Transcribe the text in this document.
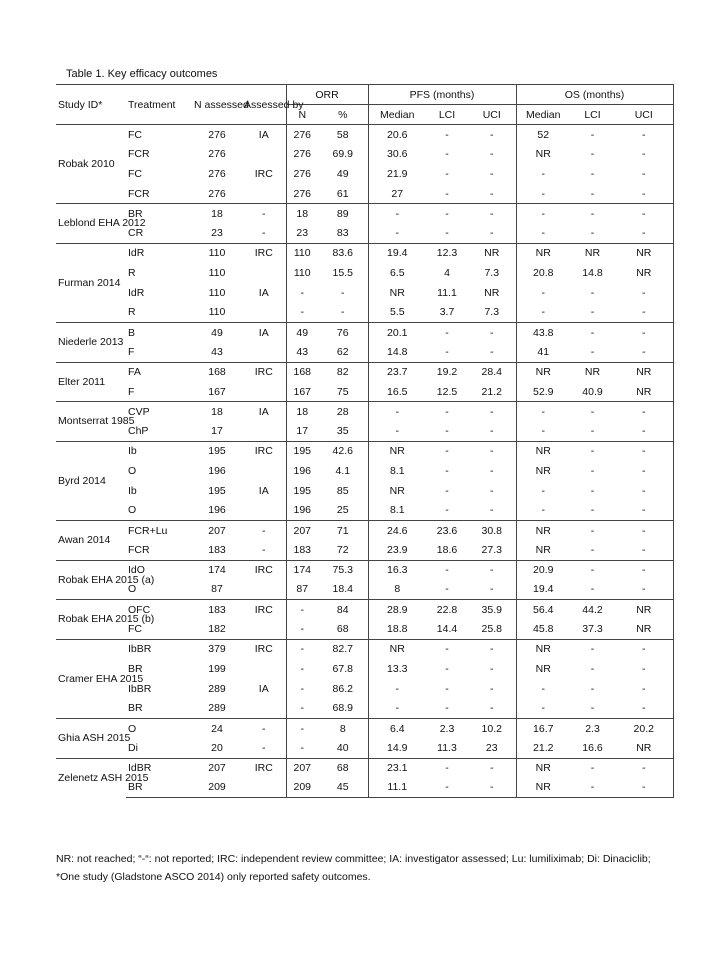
Table 1. Key efficacy outcomes
Study ID*	Treatment	N assessed	Assessed by	ORR		PFS (months)			OS (months)		
				N	%	Median	LCI	UCI	Median	LCI	UCI
Robak 2010	FC	276	IA	276	58	20.6	-	-	52	-	-
	FCR	276		276	69.9	30.6	-	-	NR	-	-
	FC	276	IRC	276	49	21.9	-	-	-	-	-
	FCR	276		276	61	27	-	-	-	-	-
Leblond EHA 2012	BR	18	-	18	89	-	-	-	-	-	-
	CR	23	-	23	83	-	-	-	-	-	-
Furman 2014	IdR	110	IRC	110	83.6	19.4	12.3	NR	NR	NR	NR
	R	110		110	15.5	6.5	4	7.3	20.8	14.8	NR
	IdR	110	IA	-	-	NR	11.1	NR	-	-	-
	R	110		-	-	5.5	3.7	7.3	-	-	-
Niederle 2013	B	49	IA	49	76	20.1	-	-	43.8	-	-
	F	43		43	62	14.8	-	-	41	-	-
Elter 2011	FA	168	IRC	168	82	23.7	19.2	28.4	NR	NR	NR
	F	167		167	75	16.5	12.5	21.2	52.9	40.9	NR
Montserrat 1985	CVP	18	IA	18	28	-	-	-	-	-	-
	ChP	17		17	35	-	-	-	-	-	-
Byrd 2014	Ib	195	IRC	195	42.6	NR	-	-	NR	-	-
	O	196		196	4.1	8.1	-	-	NR	-	-
	Ib	195	IA	195	85	NR	-	-	-	-	-
	O	196		196	25	8.1	-	-	-	-	-
Awan 2014	FCR+Lu	207	-	207	71	24.6	23.6	30.8	NR	-	-
	FCR	183	-	183	72	23.9	18.6	27.3	NR	-	-
Robak EHA 2015 (a)	IdO	174	IRC	174	75.3	16.3	-	-	20.9	-	-
	O	87		87	18.4	8	-	-	19.4	-	-
Robak EHA 2015 (b)	OFC	183	IRC	-	84	28.9	22.8	35.9	56.4	44.2	NR
	FC	182		-	68	18.8	14.4	25.8	45.8	37.3	NR
Cramer EHA 2015	IbBR	379	IRC	-	82.7	NR	-	-	NR	-	-
	BR	199		-	67.8	13.3	-	-	NR	-	-
	IbBR	289	IA	-	86.2	-	-	-	-	-	-
	BR	289		-	68.9	-	-	-	-	-	-
Ghia ASH 2015	O	24	-	-	8	6.4	2.3	10.2	16.7	2.3	20.2
	Di	20	-	-	40	14.9	11.3	23	21.2	16.6	NR
Zelenetz ASH 2015	IdBR	207	IRC	207	68	23.1	-	-	NR	-	-
	BR	209		209	45	11.1	-	-	NR	-	-
NR: not reached; “-“: not reported; IRC: independent review committee; IA: investigator assessed; Lu: lumiliximab; Di: Dinaciclib; *One study (Gladstone ASCO 2014) only reported safety outcomes.
